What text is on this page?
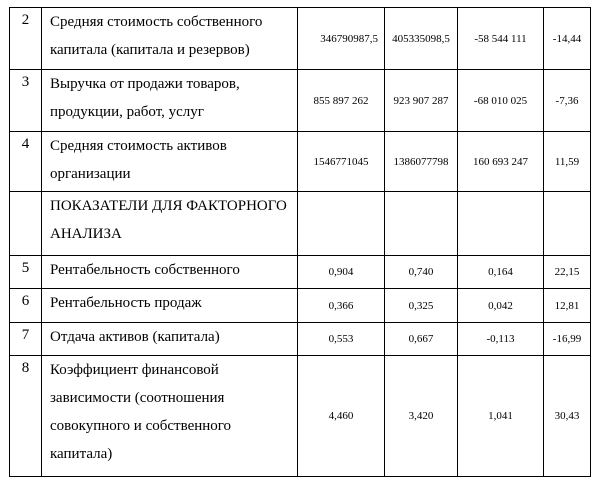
2	Средняя стоимость собственного капитала (капитала и резервов)	346790987,5	405335098,5	-58 544 111	-14,44
3	Выручка от продажи товаров, продукции, работ, услуг	855 897 262	923 907 287	-68 010 025	-7,36
4	Средняя стоимость активов организации	1546771045	1386077798	160 693 247	11,59
	ПОКАЗАТЕЛИ ДЛЯ ФАКТОРНОГО АНАЛИЗА				
5	Рентабельность собственного	0,904	0,740	0,164	22,15
6	Рентабельность продаж	0,366	0,325	0,042	12,81
7	Отдача активов (капитала)	0,553	0,667	-0,113	-16,99
8	Коэффициент финансовой зависимости (соотношения совокупного и собственного капитала)	4,460	3,420	1,041	30,43
